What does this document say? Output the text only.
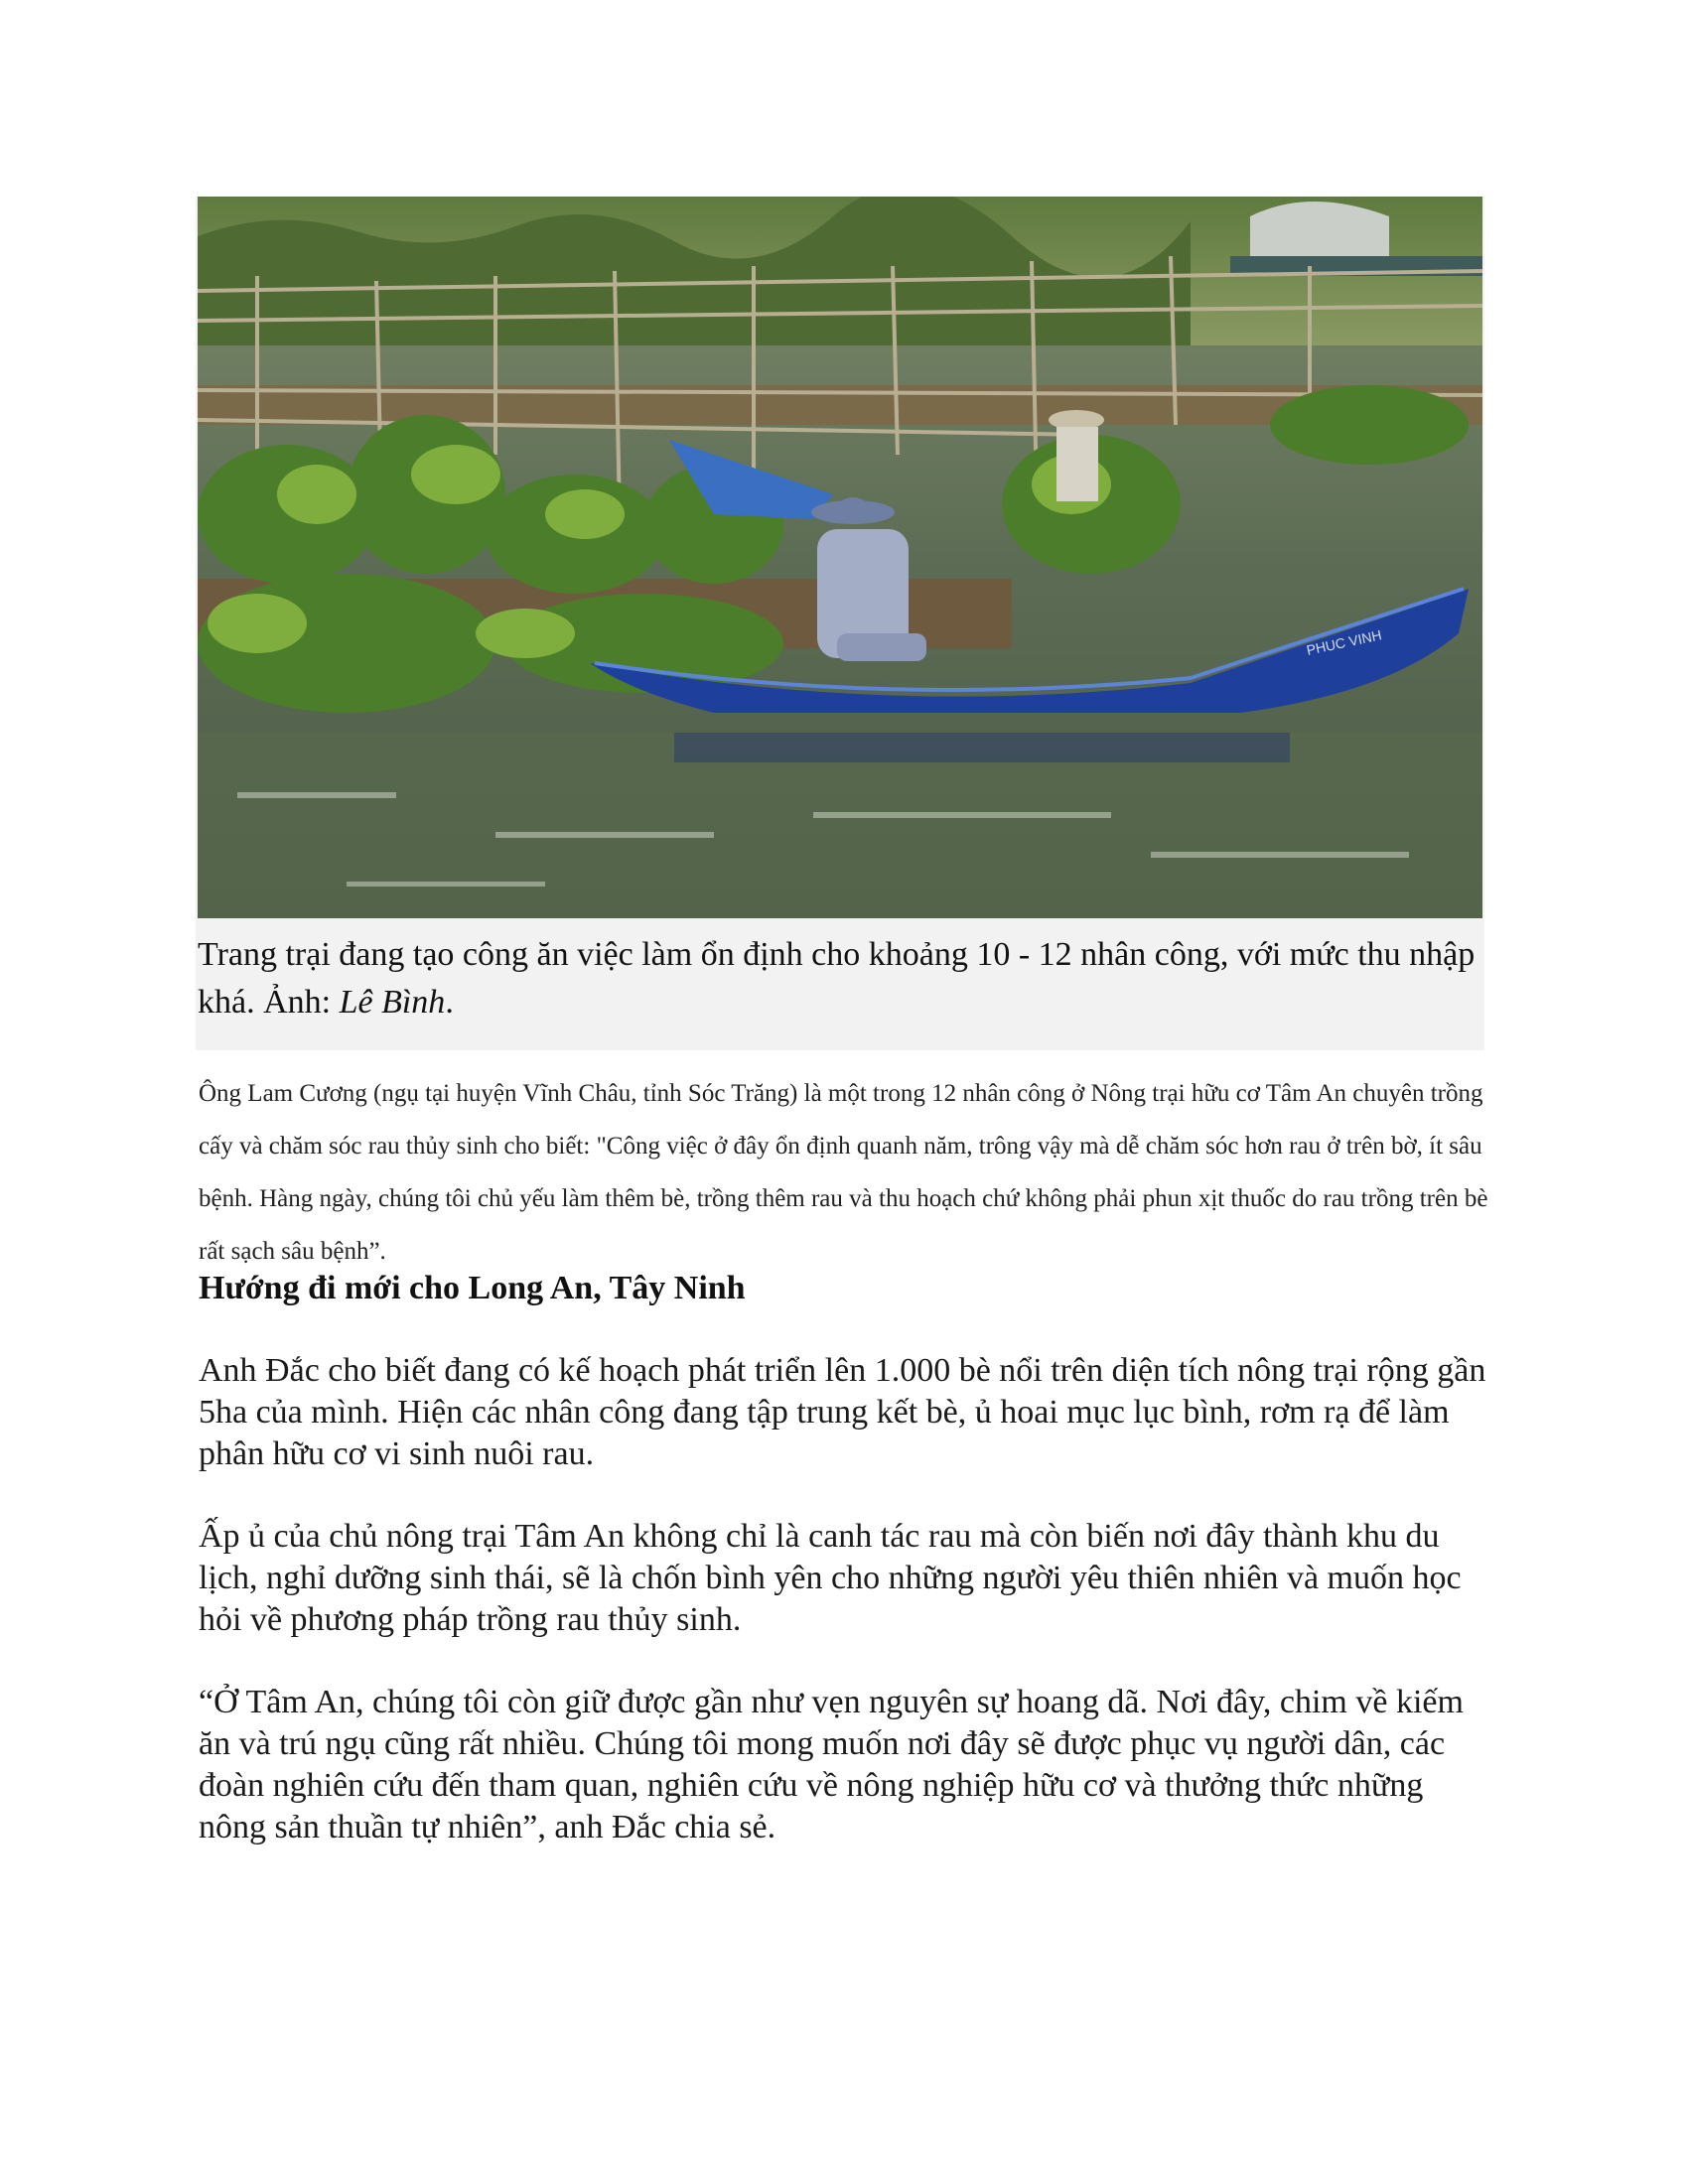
PHUC VINH

Trang trại đang tạo công ăn việc làm ổn định cho khoảng 10 - 12 nhân công, với mức thu nhập khá. Ảnh: Lê Bình.

Ông Lam Cương (ngụ tại huyện Vĩnh Châu, tỉnh Sóc Trăng) là một trong 12 nhân công ở Nông trại hữu cơ Tâm An chuyên trồng cấy và chăm sóc rau thủy sinh cho biết: "Công việc ở đây ổn định quanh năm, trông vậy mà dễ chăm sóc hơn rau ở trên bờ, ít sâu bệnh. Hàng ngày, chúng tôi chủ yếu làm thêm bè, trồng thêm rau và thu hoạch chứ không phải phun xịt thuốc do rau trồng trên bè rất sạch sâu bệnh”.

Hướng đi mới cho Long An, Tây Ninh

Anh Đắc cho biết đang có kế hoạch phát triển lên 1.000 bè nổi trên diện tích nông trại rộng gần 5ha của mình. Hiện các nhân công đang tập trung kết bè, ủ hoai mục lục bình, rơm rạ để làm phân hữu cơ vi sinh nuôi rau.

Ấp ủ của chủ nông trại Tâm An không chỉ là canh tác rau mà còn biến nơi đây thành khu du lịch, nghỉ dưỡng sinh thái, sẽ là chốn bình yên cho những người yêu thiên nhiên và muốn học hỏi về phương pháp trồng rau thủy sinh.

“Ở Tâm An, chúng tôi còn giữ được gần như vẹn nguyên sự hoang dã. Nơi đây, chim về kiếm ăn và trú ngụ cũng rất nhiều. Chúng tôi mong muốn nơi đây sẽ được phục vụ người dân, các đoàn nghiên cứu đến tham quan, nghiên cứu về nông nghiệp hữu cơ và thưởng thức những nông sản thuần tự nhiên”, anh Đắc chia sẻ.
